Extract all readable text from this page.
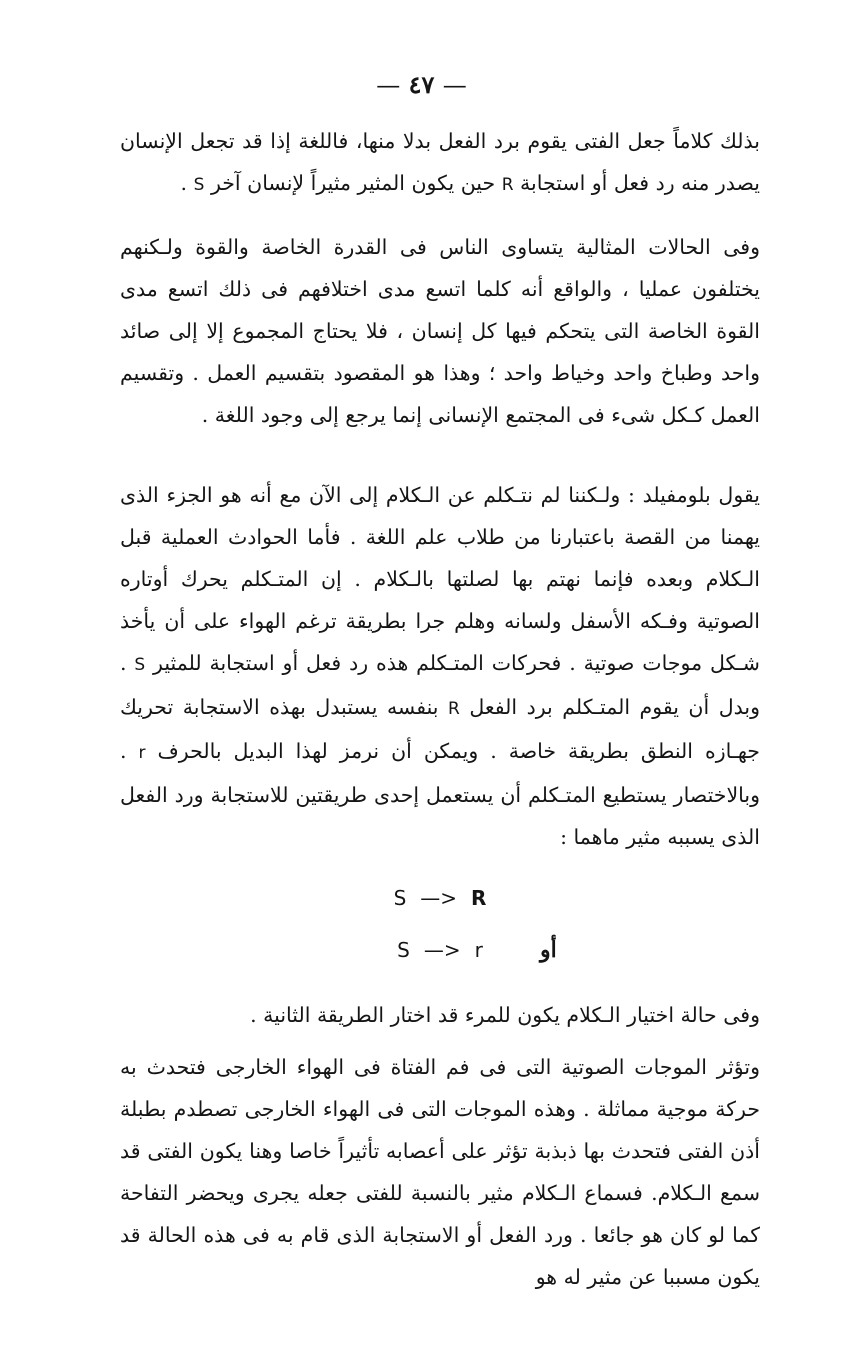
— ٤٧ —

بذلك كلاماً جعل الفتى يقوم برد الفعل بدلا منها، فاللغة إذا قد تجعل الإنسان يصدر منه رد فعل أو استجابة R حين يكون المثير مثيراً لإنسان آخر S .

وفى الحالات المثالية يتساوى الناس فى القدرة الخاصة والقوة ولـكنهم يختلفون عمليا ، والواقع أنه كلما اتسع مدى اختلافهم فى ذلك اتسع مدى القوة الخاصة التى يتحكم فيها كل إنسان ، فلا يحتاج المجموع إلا إلى صائد واحد وطباخ واحد وخياط واحد ؛ وهذا هو المقصود بتقسيم العمل . وتقسيم العمل كـكل شىء فى المجتمع الإنسانى إنما يرجع إلى وجود اللغة .

يقول بلومفيلد : ولـكننا لم نتـكلم عن الـكلام إلى الآن مع أنه هو الجزء الذى يهمنا من القصة باعتبارنا من طلاب علم اللغة . فأما الحوادث العملية قبل الـكلام وبعده فإنما نهتم بها لصلتها بالـكلام . إن المتـكلم يحرك أوتاره الصوتية وفـكه الأسفل ولسانه وهلم جرا بطريقة ترغم الهواء على أن يأخذ شـكل موجات صوتية . فحركات المتـكلم هذه رد فعل أو استجابة للمثير S . وبدل أن يقوم المتـكلم برد الفعل R بنفسه يستبدل بهذه الاستجابة تحريك جهـازه النطق بطريقة خاصة . ويمكن أن نرمز لهذا البديل بالحرف r . وبالاختصار يستطيع المتـكلم أن يستعمل إحدى طريقتين للاستجابة ورد الفعل الذى يسببه مثير ماهما :

S —> R

S —> r	أو

وفى حالة اختيار الـكلام يكون للمرء قد اختار الطريقة الثانية .

وتؤثر الموجات الصوتية التى فى فم الفتاة فى الهواء الخارجى فتحدث به حركة موجية مماثلة . وهذه الموجات التى فى الهواء الخارجى تصطدم بطبلة أذن الفتى فتحدث بها ذبذبة تؤثر على أعصابه تأثيراً خاصا وهنا يكون الفتى قد سمع الـكلام. فسماع الـكلام مثير بالنسبة للفتى جعله يجرى ويحضر التفاحة كما لو كان هو جائعا . ورد الفعل أو الاستجابة الذى قام به فى هذه الحالة قد يكون مسببا عن مثير له هو
